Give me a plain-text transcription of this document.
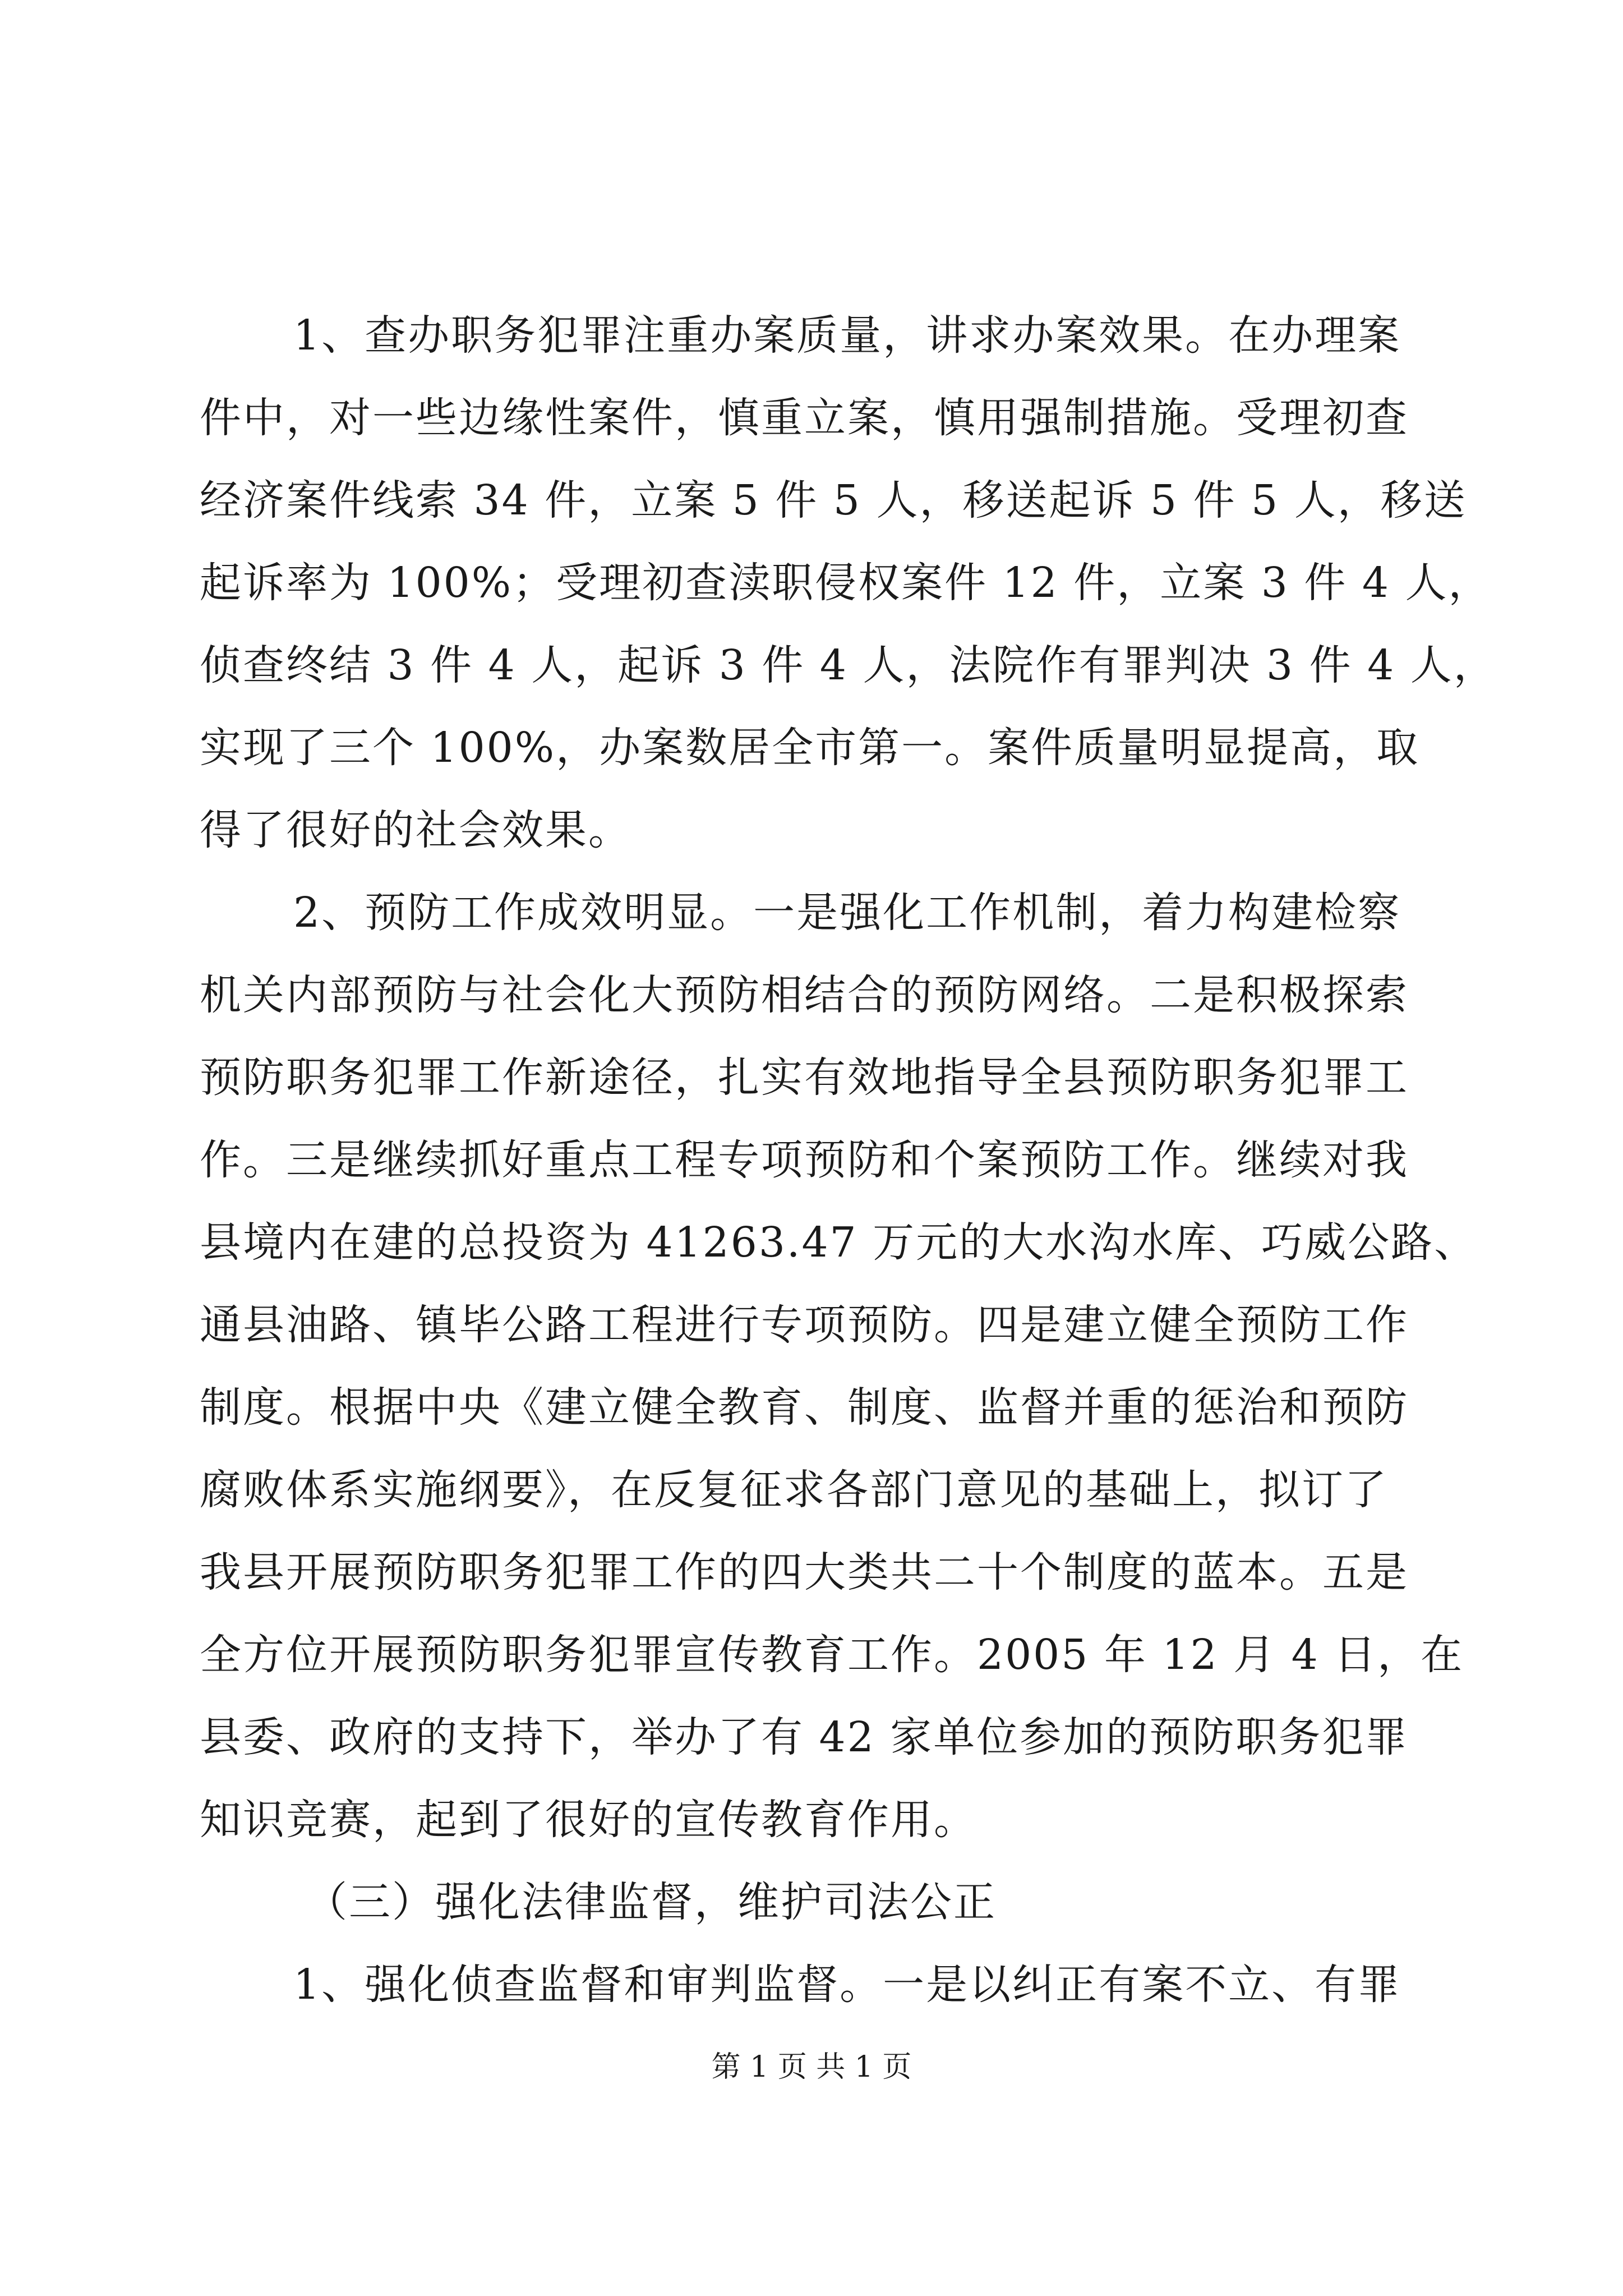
1、查办职务犯罪注重办案质量，讲求办案效果。在办理案
件中，对一些边缘性案件，慎重立案，慎用强制措施。受理初查
经济案件线索 34 件，立案 5 件 5 人，移送起诉 5 件 5 人，移送
起诉率为 100%；受理初查渎职侵权案件 12 件，立案 3 件 4 人，
侦查终结 3 件 4 人，起诉 3 件 4 人，法院作有罪判决 3 件 4 人，
实现了三个 100%，办案数居全市第一。案件质量明显提高，取
得了很好的社会效果。
2、预防工作成效明显。一是强化工作机制，着力构建检察
机关内部预防与社会化大预防相结合的预防网络。二是积极探索
预防职务犯罪工作新途径，扎实有效地指导全县预防职务犯罪工
作。三是继续抓好重点工程专项预防和个案预防工作。继续对我
县境内在建的总投资为 41263.47 万元的大水沟水库、巧威公路、
通县油路、镇毕公路工程进行专项预防。四是建立健全预防工作
制度。根据中央《建立健全教育、制度、监督并重的惩治和预防
腐败体系实施纲要》，在反复征求各部门意见的基础上，拟订了
我县开展预防职务犯罪工作的四大类共二十个制度的蓝本。五是
全方位开展预防职务犯罪宣传教育工作。2005 年 12 月 4 日，在
县委、政府的支持下，举办了有 42 家单位参加的预防职务犯罪
知识竞赛，起到了很好的宣传教育作用。
（三）强化法律监督，维护司法公正
1、强化侦查监督和审判监督。一是以纠正有案不立、有罪
第 1 页 共 1 页
